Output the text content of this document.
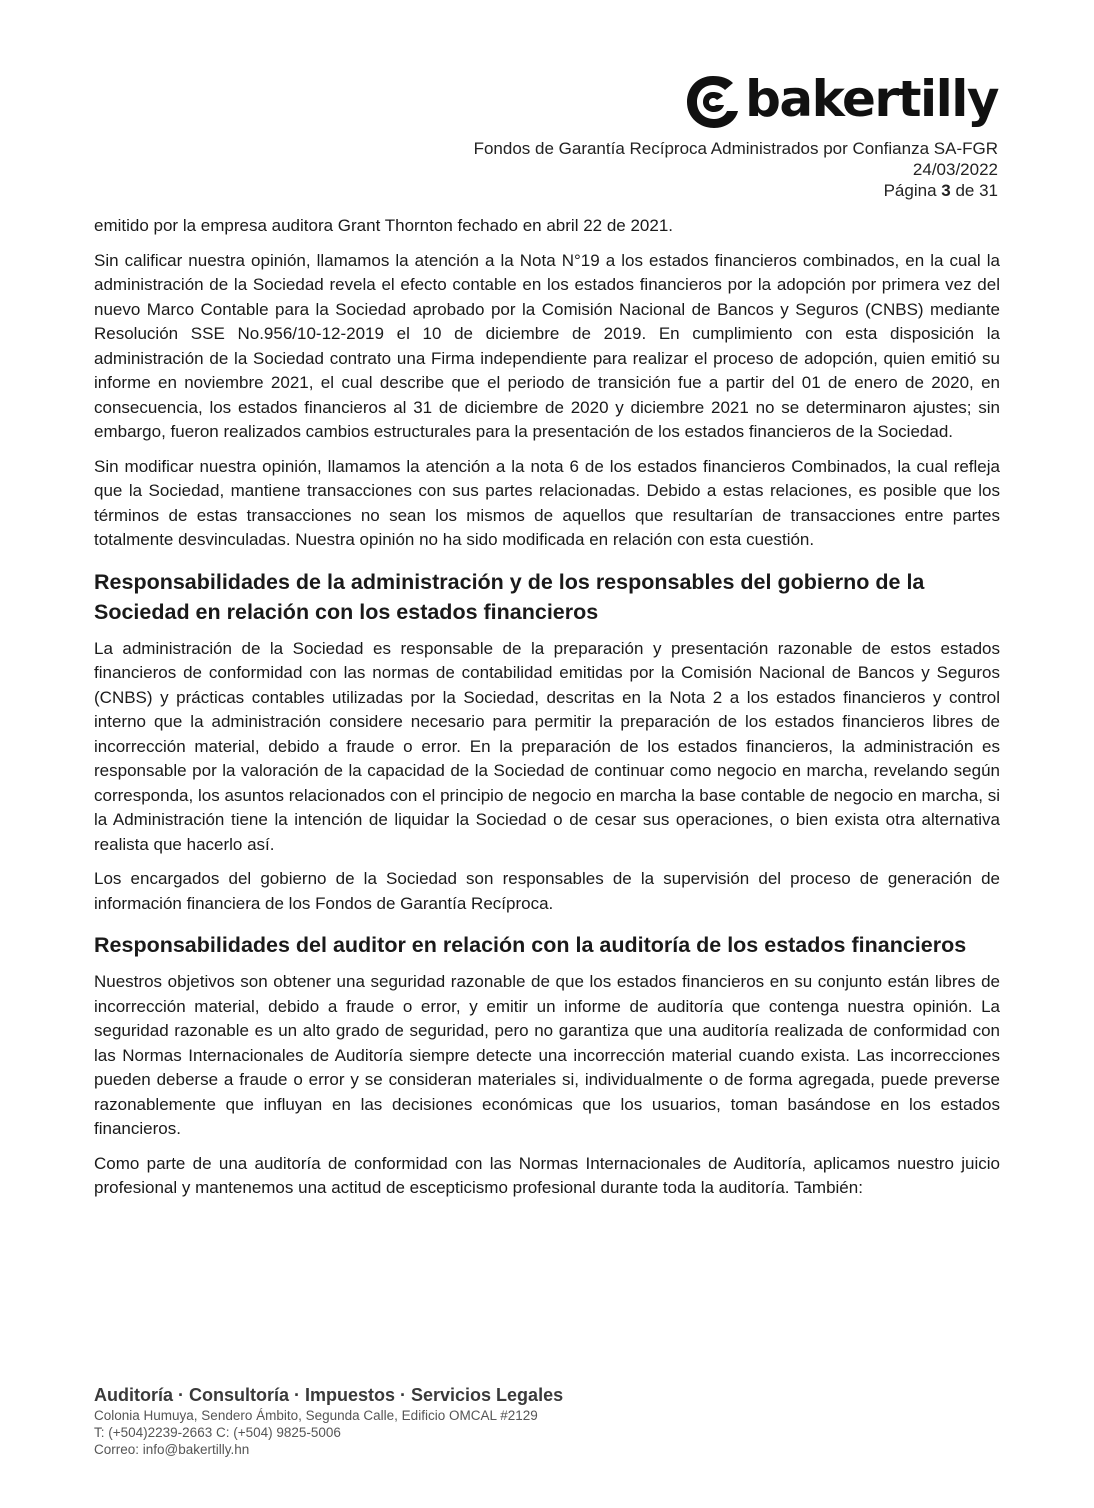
bakertilly
Fondos de Garantía Recíproca Administrados por Confianza SA-FGR
24/03/2022
Página 3 de 31

emitido por la empresa auditora Grant Thornton fechado en abril 22 de 2021.

Sin calificar nuestra opinión, llamamos la atención a la Nota N°19 a los estados financieros combinados, en la cual la administración de la Sociedad revela el efecto contable en los estados financieros por la adopción por primera vez del nuevo Marco Contable para la Sociedad aprobado por la Comisión Nacional de Bancos y Seguros (CNBS) mediante Resolución SSE No.956/10-12-2019 el 10 de diciembre de 2019. En cumplimiento con esta disposición la administración de la Sociedad contrato una Firma independiente para realizar el proceso de adopción, quien emitió su informe en noviembre 2021, el cual describe que el periodo de transición fue a partir del 01 de enero de 2020, en consecuencia, los estados financieros al 31 de diciembre de 2020 y diciembre 2021 no se determinaron ajustes; sin embargo, fueron realizados cambios estructurales para la presentación de los estados financieros de la Sociedad.

Sin modificar nuestra opinión, llamamos la atención a la nota 6 de los estados financieros Combinados, la cual refleja que la Sociedad, mantiene transacciones con sus partes relacionadas. Debido a estas relaciones, es posible que los términos de estas transacciones no sean los mismos de aquellos que resultarían de transacciones entre partes totalmente desvinculadas. Nuestra opinión no ha sido modificada en relación con esta cuestión.

Responsabilidades de la administración y de los responsables del gobierno de la Sociedad en relación con los estados financieros

La administración de la Sociedad es responsable de la preparación y presentación razonable de estos estados financieros de conformidad con las normas de contabilidad emitidas por la Comisión Nacional de Bancos y Seguros (CNBS) y prácticas contables utilizadas por la Sociedad, descritas en la Nota 2 a los estados financieros y control interno que la administración considere necesario para permitir la preparación de los estados financieros libres de incorrección material, debido a fraude o error. En la preparación de los estados financieros, la administración es responsable por la valoración de la capacidad de la Sociedad de continuar como negocio en marcha, revelando según corresponda, los asuntos relacionados con el principio de negocio en marcha la base contable de negocio en marcha, si la Administración tiene la intención de liquidar la Sociedad o de cesar sus operaciones, o bien exista otra alternativa realista que hacerlo así.

Los encargados del gobierno de la Sociedad son responsables de la supervisión del proceso de generación de información financiera de los Fondos de Garantía Recíproca.

Responsabilidades del auditor en relación con la auditoría de los estados financieros

Nuestros objetivos son obtener una seguridad razonable de que los estados financieros en su conjunto están libres de incorrección material, debido a fraude o error, y emitir un informe de auditoría que contenga nuestra opinión. La seguridad razonable es un alto grado de seguridad, pero no garantiza que una auditoría realizada de conformidad con las Normas Internacionales de Auditoría siempre detecte una incorrección material cuando exista. Las incorrecciones pueden deberse a fraude o error y se consideran materiales si, individualmente o de forma agregada, puede preverse razonablemente que influyan en las decisiones económicas que los usuarios, toman basándose en los estados financieros.

Como parte de una auditoría de conformidad con las Normas Internacionales de Auditoría, aplicamos nuestro juicio profesional y mantenemos una actitud de escepticismo profesional durante toda la auditoría. También:

Auditoría · Consultoría · Impuestos · Servicios Legales
Colonia Humuya, Sendero Ámbito, Segunda Calle, Edificio OMCAL #2129
T: (+504)2239-2663 C: (+504) 9825-5006
Correo: info@bakertilly.hn
